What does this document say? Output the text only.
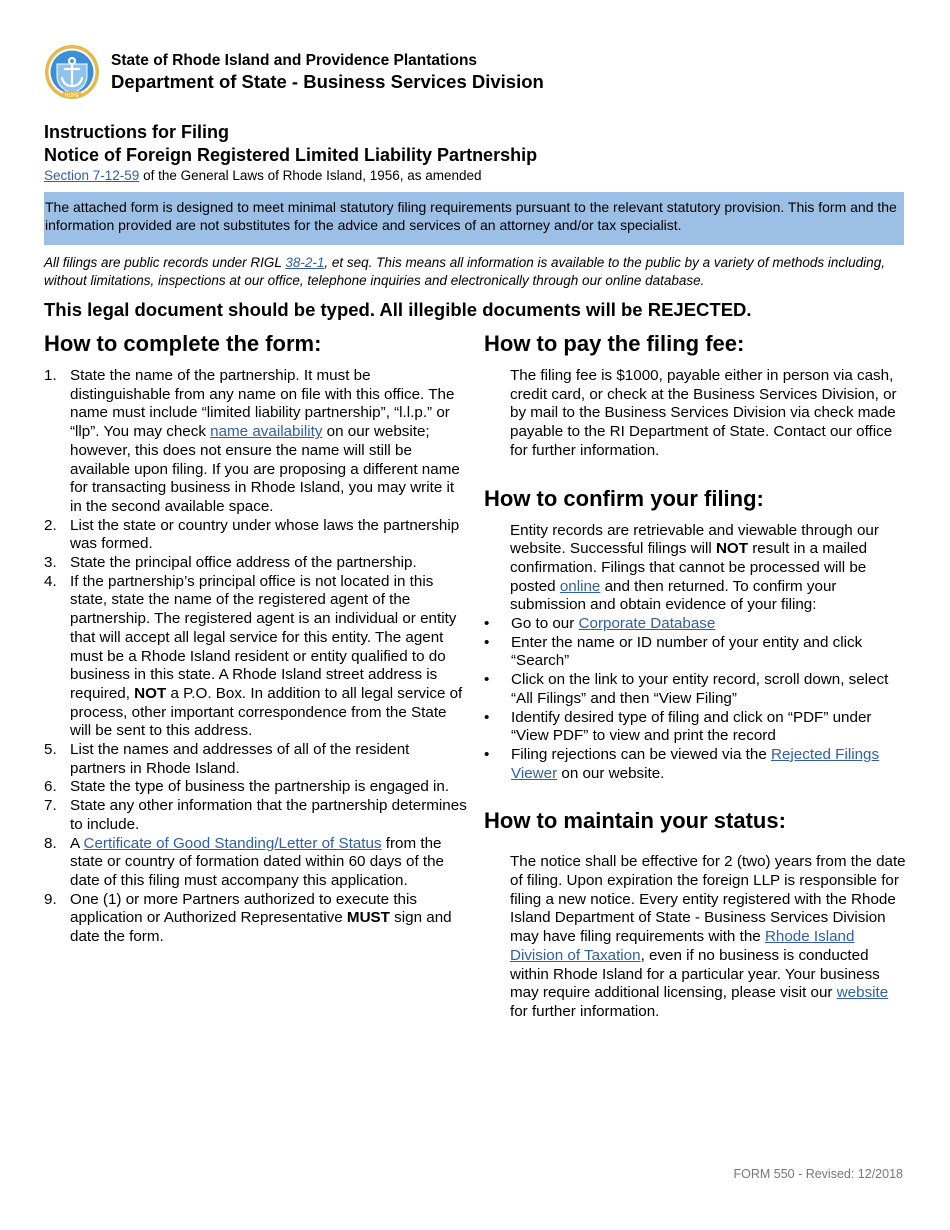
HOPE
State of Rhode Island and Providence Plantations
Department of State - Business Services Division
Instructions for Filing
Notice of Foreign Registered Limited Liability Partnership
Section 7-12-59 of the General Laws of Rhode Island, 1956, as amended
The attached form is designed to meet minimal statutory filing requirements pursuant to the relevant statutory provision. This form and the information provided are not substitutes for the advice and services of an attorney and/or tax specialist.
All filings are public records under RIGL 38-2-1, et seq. This means all information is available to the public by a variety of methods including, without limitations, inspections at our office, telephone inquiries and electronically through our online database.
This legal document should be typed. All illegible documents will be REJECTED.
How to complete the form:
1. State the name of the partnership. It must be distinguishable from any name on file with this office. The name must include “limited liability partnership”, “l.l.p.” or “llp”. You may check name availability on our website; however, this does not ensure the name will still be available upon filing. If you are proposing a different name for transacting business in Rhode Island, you may write it in the second available space.
2. List the state or country under whose laws the partnership was formed.
3. State the principal office address of the partnership.
4. If the partnership’s principal office is not located in this state, state the name of the registered agent of the partnership. The registered agent is an individual or entity that will accept all legal service for this entity. The agent must be a Rhode Island resident or entity qualified to do business in this state. A Rhode Island street address is required, NOT a P.O. Box. In addition to all legal service of process, other important correspondence from the State will be sent to this address.
5. List the names and addresses of all of the resident partners in Rhode Island.
6. State the type of business the partnership is engaged in.
7. State any other information that the partnership determines to include.
8. A Certificate of Good Standing/Letter of Status from the state or country of formation dated within 60 days of the date of this filing must accompany this application.
9. One (1) or more Partners authorized to execute this application or Authorized Representative MUST sign and date the form.
How to pay the filing fee:
The filing fee is $1000, payable either in person via cash, credit card, or check at the Business Services Division, or by mail to the Business Services Division via check made payable to the RI Department of State. Contact our office for further information.
How to confirm your filing:
Entity records are retrievable and viewable through our website. Successful filings will NOT result in a mailed confirmation. Filings that cannot be processed will be posted online and then returned. To confirm your submission and obtain evidence of your filing:
• Go to our Corporate Database
• Enter the name or ID number of your entity and click “Search”
• Click on the link to your entity record, scroll down, select “All Filings” and then “View Filing”
• Identify desired type of filing and click on “PDF” under “View PDF” to view and print the record
• Filing rejections can be viewed via the Rejected Filings Viewer on our website.
How to maintain your status:
The notice shall be effective for 2 (two) years from the date of filing. Upon expiration the foreign LLP is responsible for filing a new notice. Every entity registered with the Rhode Island Department of State - Business Services Division may have filing requirements with the Rhode Island Division of Taxation, even if no business is conducted within Rhode Island for a particular year. Your business may require additional licensing, please visit our website for further information.
FORM 550 - Revised: 12/2018
